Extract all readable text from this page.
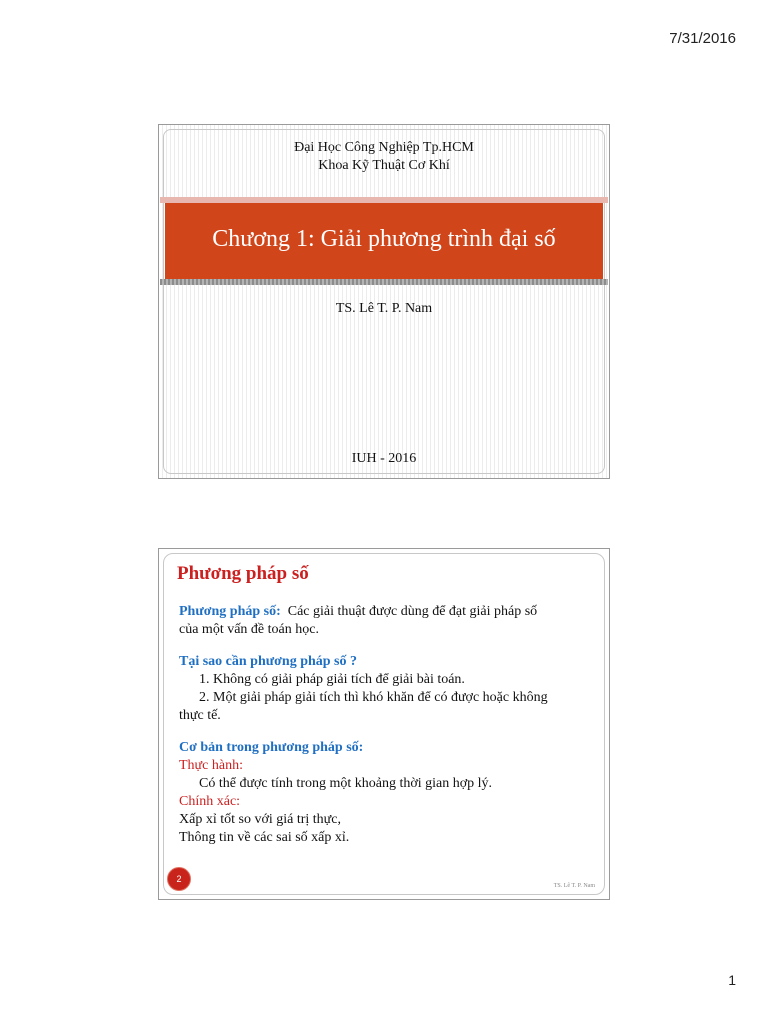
7/31/2016
Đại Học Công Nghiệp Tp.HCM
Khoa Kỹ Thuật Cơ Khí
Chương 1: Giải phương trình đại số
TS. Lê T. P. Nam
IUH - 2016
Phương pháp số
Phương pháp số: Các giải thuật được dùng để đạt giải pháp số
của một vấn đề toán học.
Tại sao cần phương pháp số ?
1. Không có giải pháp giải tích để giải bài toán.
2. Một giải pháp giải tích thì khó khăn để có được hoặc không
thực tế.
Cơ bản trong phương pháp số:
Thực hành:
Có thể được tính trong một khoảng thời gian hợp lý.
Chính xác:
Xấp xỉ tốt so với giá trị thực,
Thông tin về các sai số xấp xỉ.
2
TS. Lê T. P. Nam
1
